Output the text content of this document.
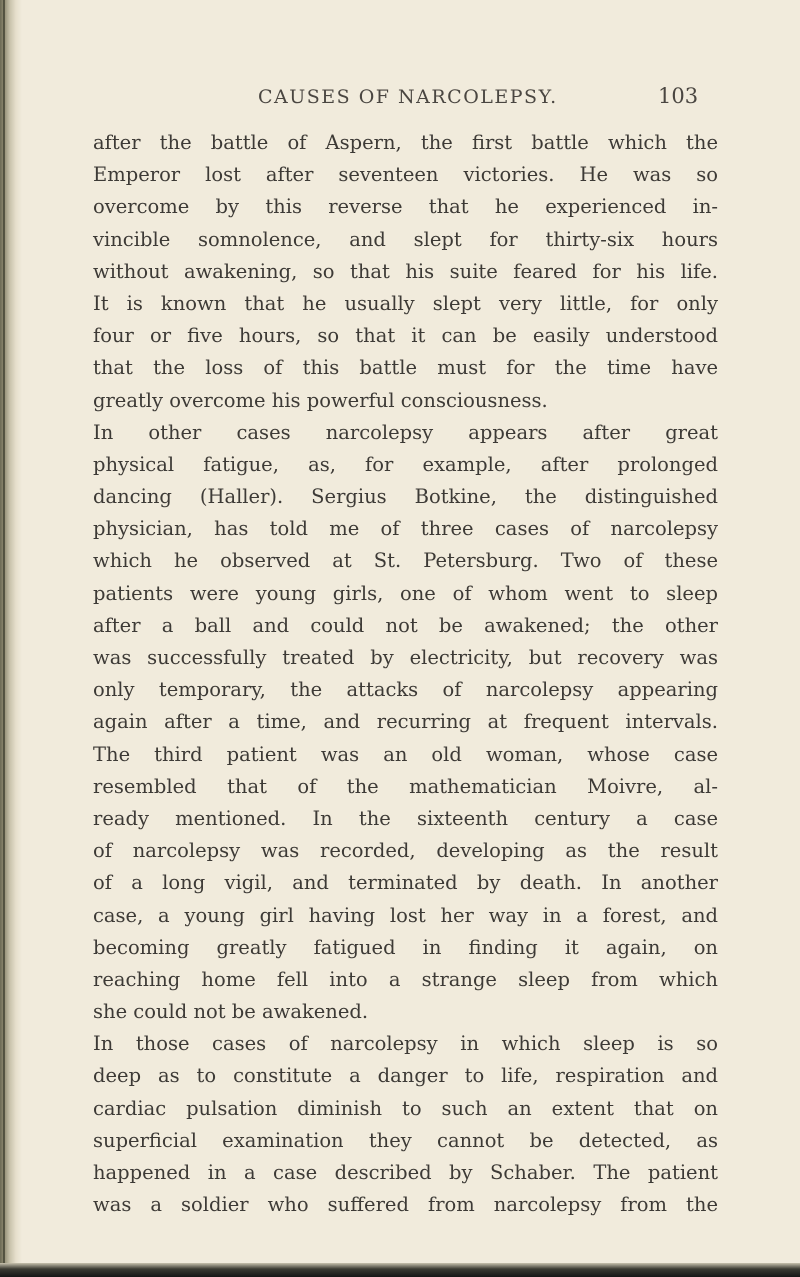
CAUSES OF NARCOLEPSY.	103
after the battle of Aspern, the first battle which the
Emperor lost after seventeen victories. He was so
overcome by this reverse that he experienced in-
vincible somnolence, and slept for thirty-six hours
without awakening, so that his suite feared for his life.
It is known that he usually slept very little, for only
four or five hours, so that it can be easily understood
that the loss of this battle must for the time have
greatly overcome his powerful consciousness.
In other cases narcolepsy appears after great
physical fatigue, as, for example, after prolonged
dancing (Haller). Sergius Botkine, the distinguished
physician, has told me of three cases of narcolepsy
which he observed at St. Petersburg. Two of these
patients were young girls, one of whom went to sleep
after a ball and could not be awakened; the other
was successfully treated by electricity, but recovery was
only temporary, the attacks of narcolepsy appearing
again after a time, and recurring at frequent intervals.
The third patient was an old woman, whose case
resembled that of the mathematician Moivre, al-
ready mentioned. In the sixteenth century a case
of narcolepsy was recorded, developing as the result
of a long vigil, and terminated by death. In another
case, a young girl having lost her way in a forest, and
becoming greatly fatigued in finding it again, on
reaching home fell into a strange sleep from which
she could not be awakened.
In those cases of narcolepsy in which sleep is so
deep as to constitute a danger to life, respiration and
cardiac pulsation diminish to such an extent that on
superficial examination they cannot be detected, as
happened in a case described by Schaber. The patient
was a soldier who suffered from narcolepsy from the
